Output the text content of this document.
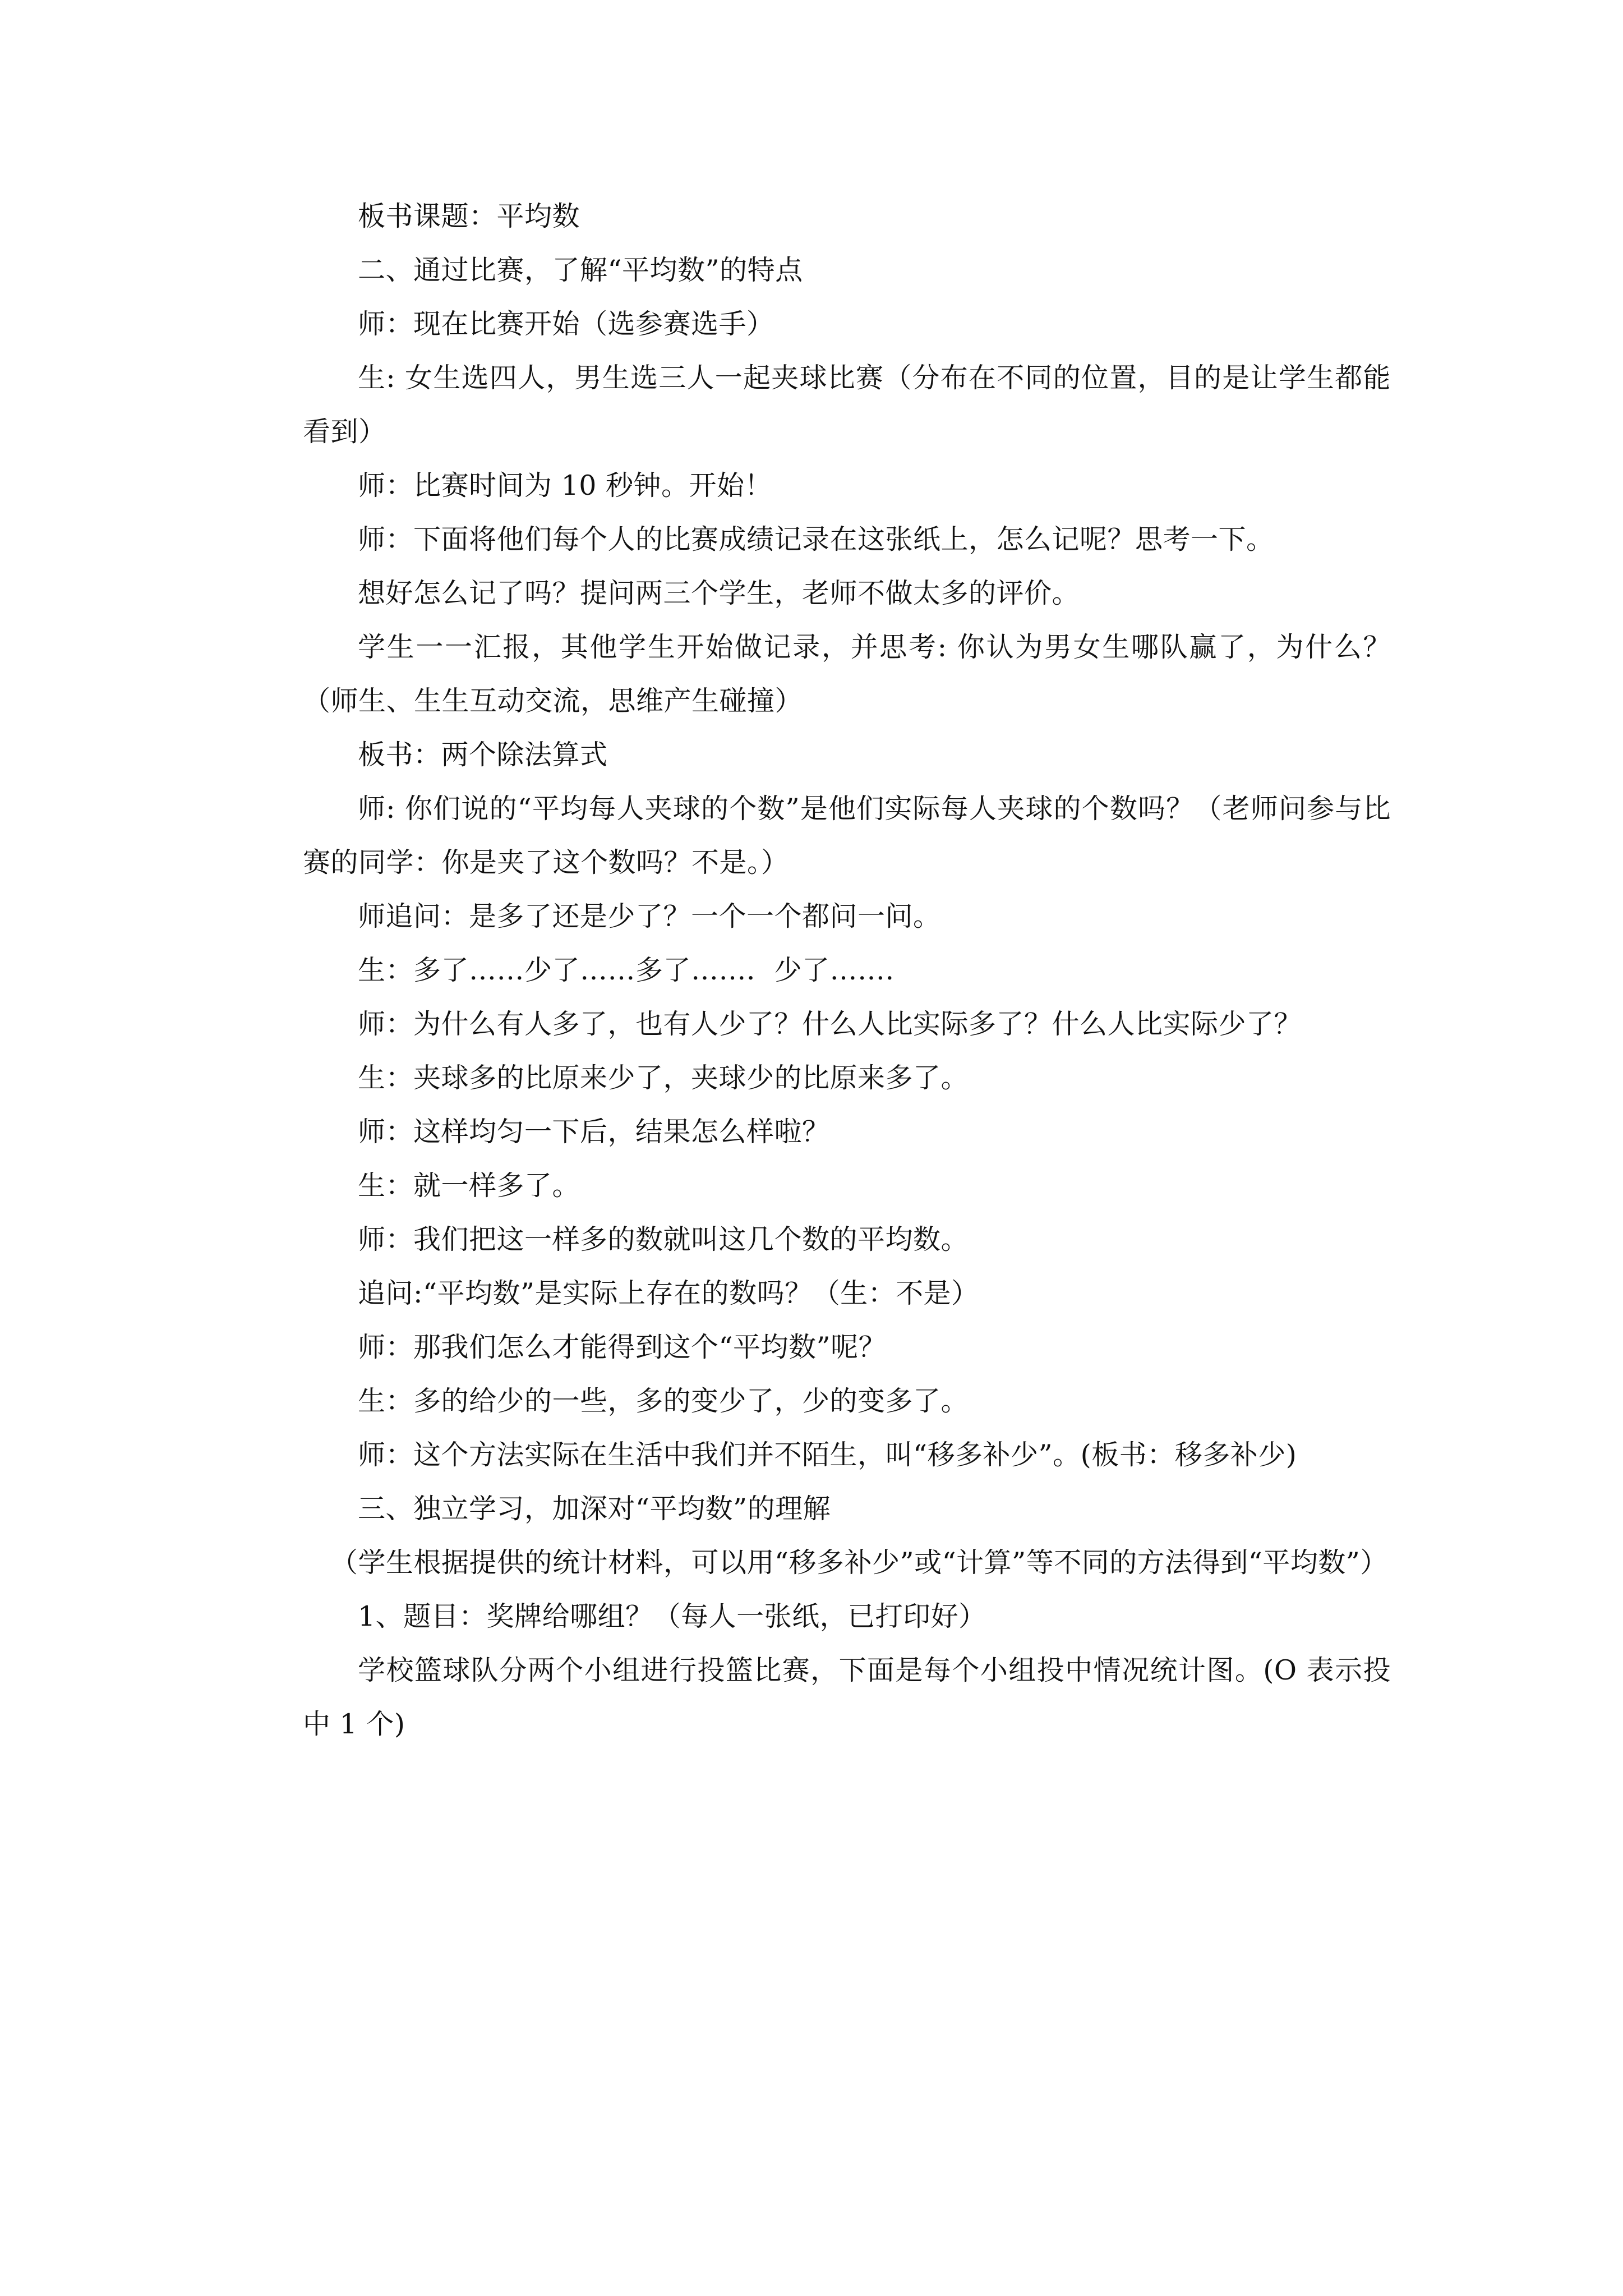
板书课题：平均数

二、通过比赛，了解“平均数”的特点

师：现在比赛开始（选参赛选手）

生: 女生选四人，男生选三人一起夹球比赛（分布在不同的位置，目的是让学生都能看到）

师：比赛时间为 10 秒钟。开始！

师：下面将他们每个人的比赛成绩记录在这张纸上，怎么记呢？思考一下。

想好怎么记了吗？提问两三个学生，老师不做太多的评价。

学生一一汇报，其他学生开始做记录，并思考: 你认为男女生哪队赢了，为什么？（师生、生生互动交流，思维产生碰撞）

板书：两个除法算式

师: 你们说的“平均每人夹球的个数”是他们实际每人夹球的个数吗？（老师问参与比赛的同学：你是夹了这个数吗？不是。）

师追问：是多了还是少了？一个一个都问一问。

生：多了……少了……多了……．少了…….

师：为什么有人多了，也有人少了？什么人比实际多了？什么人比实际少了？

生：夹球多的比原来少了，夹球少的比原来多了。

师：这样均匀一下后，结果怎么样啦？

生：就一样多了。

师：我们把这一样多的数就叫这几个数的平均数。

追问:“平均数”是实际上存在的数吗？（生：不是）

师：那我们怎么才能得到这个“平均数”呢？

生：多的给少的一些，多的变少了，少的变多了。

师：这个方法实际在生活中我们并不陌生，叫“移多补少”。(板书：移多补少)

三、独立学习，加深对“平均数”的理解

（学生根据提供的统计材料，可以用“移多补少”或“计算”等不同的方法得到“平均数”）

1、题目：奖牌给哪组？（每人一张纸，已打印好）

学校篮球队分两个小组进行投篮比赛，下面是每个小组投中情况统计图。(O 表示投中 1 个)
